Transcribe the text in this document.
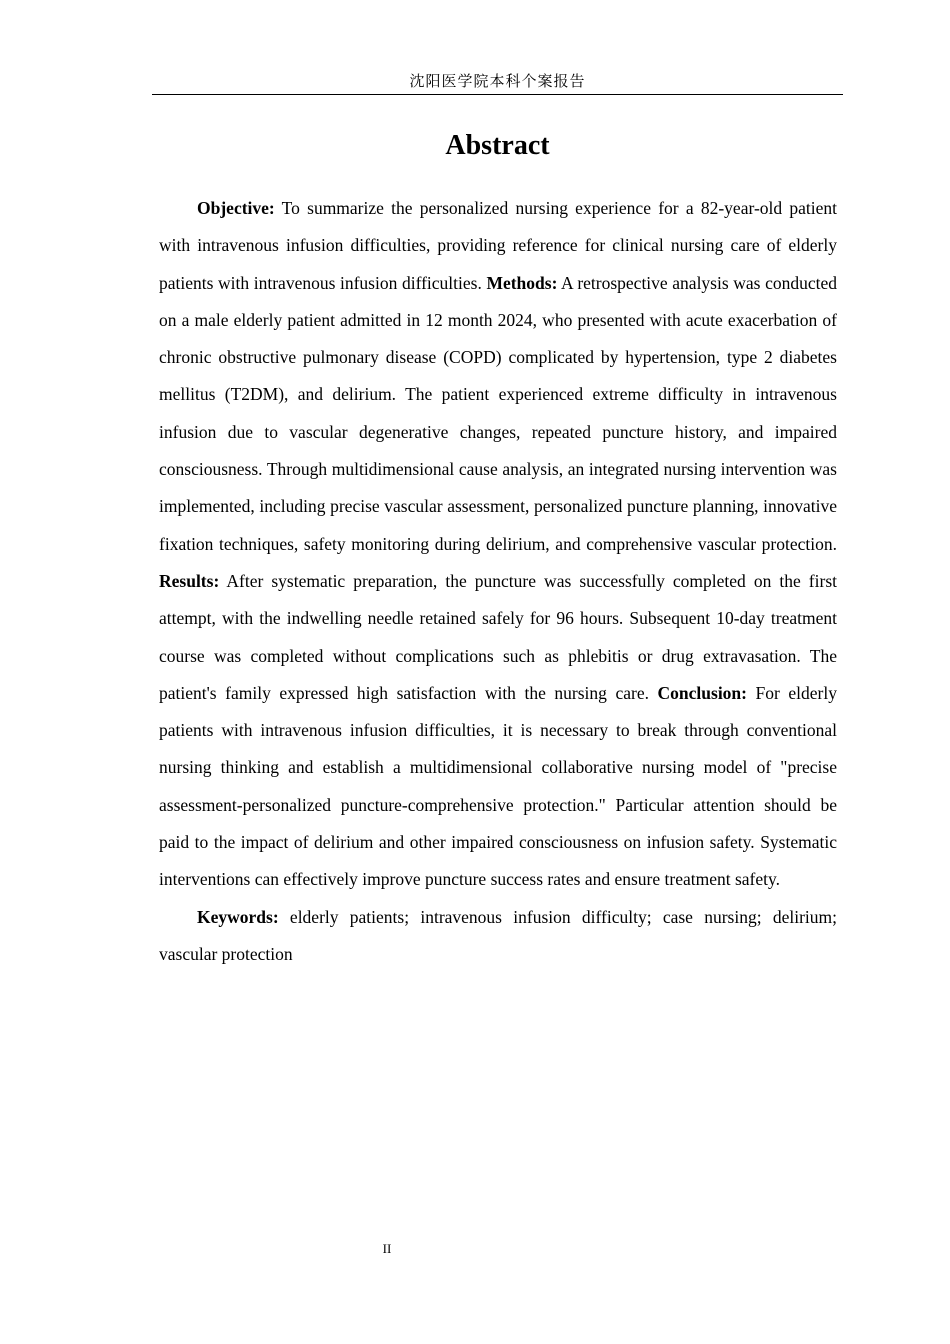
沈阳医学院本科个案报告
Abstract

Objective: To summarize the personalized nursing experience for a 82-year-old patient with intravenous infusion difficulties, providing reference for clinical nursing care of elderly patients with intravenous infusion difficulties. Methods: A retrospective analysis was conducted on a male elderly patient admitted in 12 month 2024, who presented with acute exacerbation of chronic obstructive pulmonary disease (COPD) complicated by hypertension, type 2 diabetes mellitus (T2DM), and delirium. The patient experienced extreme difficulty in intravenous infusion due to vascular degenerative changes, repeated puncture history, and impaired consciousness. Through multidimensional cause analysis, an integrated nursing intervention was implemented, including precise vascular assessment, personalized puncture planning, innovative fixation techniques, safety monitoring during delirium, and comprehensive vascular protection. Results: After systematic preparation, the puncture was successfully completed on the first attempt, with the indwelling needle retained safely for 96 hours. Subsequent 10-day treatment course was completed without complications such as phlebitis or drug extravasation. The patient's family expressed high satisfaction with the nursing care. Conclusion: For elderly patients with intravenous infusion difficulties, it is necessary to break through conventional nursing thinking and establish a multidimensional collaborative nursing model of "precise assessment-personalized puncture-comprehensive protection." Particular attention should be paid to the impact of delirium and other impaired consciousness on infusion safety. Systematic interventions can effectively improve puncture success rates and ensure treatment safety.

Keywords: elderly patients; intravenous infusion difficulty; case nursing; delirium; vascular protection

II
